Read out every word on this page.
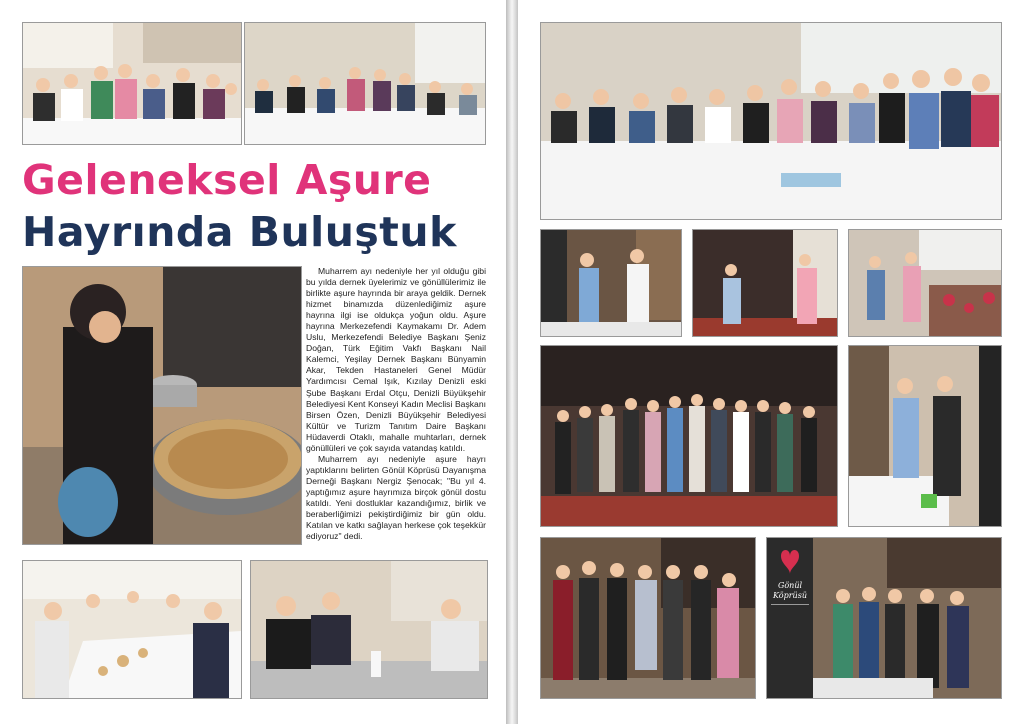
Geleneksel Aşure
Hayrında Buluştuk

Muharrem ayı nedeniyle her yıl olduğu gibi bu yılda dernek üyelerimiz ve gönüllülerimiz ile birlikte aşure hayrında bir araya geldik. Dernek hizmet binamızda düzenlediğimiz aşure hayrına ilgi ise oldukça yoğun oldu. Aşure hayrına Merkezefendi Kaymakamı Dr. Adem Uslu, Merkezefendi Belediye Başkanı Şeniz Doğan, Türk Eğitim Vakfı Başkanı Nail Kalemci, Yeşilay Dernek Başkanı Bünyamin Akar, Tekden Hastaneleri Genel Müdür Yardımcısı Cemal Işık, Kızılay Denizli eski Şube Başkanı Erdal Otçu, Denizli Büyükşehir Belediyesi Kent Konseyi Kadın Meclisi Başkanı Birsen Özen, Denizli Büyükşehir Belediyesi Kültür ve Turizm Tanıtım Daire Başkanı Hüdaverdi Otaklı, mahalle muhtarları, dernek gönüllüleri ve çok sayıda vatandaş katıldı.

Muharrem ayı nedeniyle aşure hayrı yaptıklarını belirten Gönül Köprüsü Dayanışma Derneği Başkanı Nergiz Şenocak; "Bu yıl 4. yaptığımız aşure hayrımıza birçok gönül dostu katıldı. Yeni dostluklar kazandığımız, birlik ve beraberliğimizi pekiştirdiğimiz bir gün oldu. Katılan ve katkı sağlayan herkese çok teşekkür ediyoruz" dedi.

Gönül
Köprüsü
